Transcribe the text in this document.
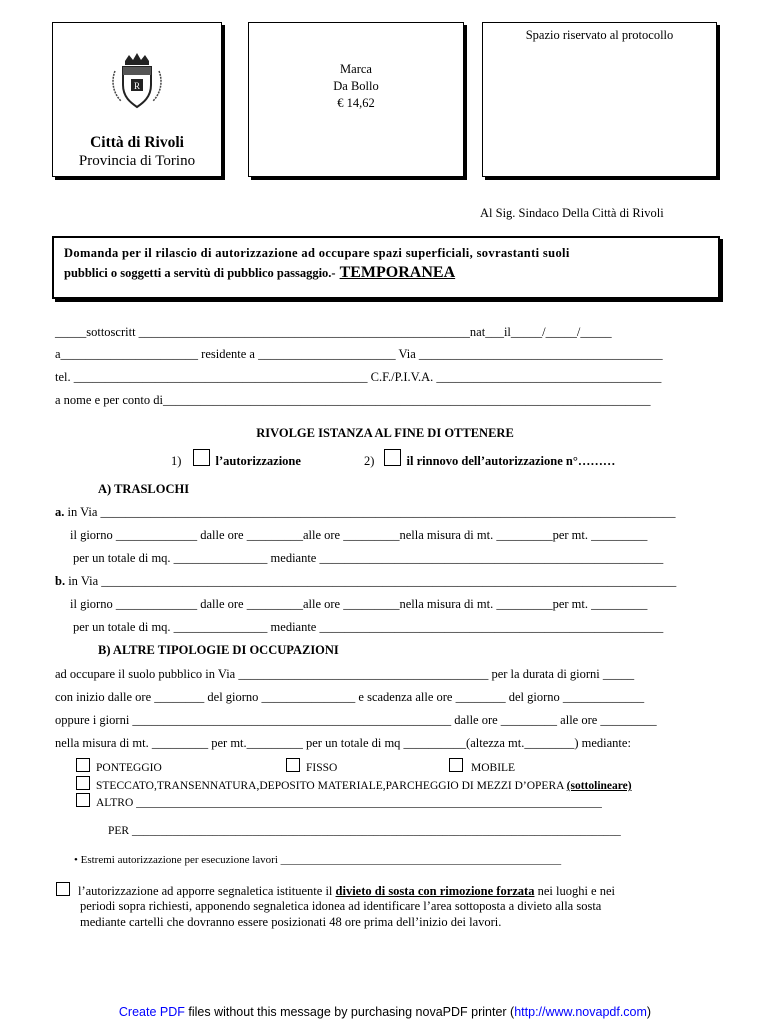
R
Città di Rivoli
Provincia di Torino
Marca
Da Bollo
€ 14,62
Spazio riservato al protocollo
Al Sig. Sindaco Della Città di Rivoli
Domanda per il rilascio di autorizzazione ad occupare spazi superficiali, sovrastanti suoli
pubblici o soggetti a servitù di pubblico passaggio.- TEMPORANEA
_____sottoscritt _____________________________________________________nat___il_____/_____/_____
a______________________ residente a ______________________ Via _______________________________________
tel. _______________________________________________ C.F./P.I.V.A. ____________________________________
a nome e per conto di______________________________________________________________________________
RIVOLGE ISTANZA AL FINE DI OTTENERE
1)	l’autorizzazione	2)	il rinnovo dell’autorizzazione n°………
A) TRASLOCHI
a. in Via ____________________________________________________________________________________________
il giorno _____________ dalle ore _________alle ore _________nella misura di mt. _________per mt. _________
per un totale di mq. _______________ mediante _______________________________________________________
b. in Via ____________________________________________________________________________________________
il giorno _____________ dalle ore _________alle ore _________nella misura di mt. _________per mt. _________
per un totale di mq. _______________ mediante _______________________________________________________
B) ALTRE TIPOLOGIE DI OCCUPAZIONI
ad occupare il suolo pubblico in Via ________________________________________ per la durata di giorni _____
con inizio dalle ore ________ del giorno _______________ e scadenza alle ore ________ del giorno _____________
oppure i giorni ___________________________________________________ dalle ore _________ alle ore _________
nella misura di mt. _________ per mt._________ per un totale di mq __________(altezza mt.________) mediante:
PONTEGGIO	FISSO	MOBILE
STECCATO,TRANSENNATURA,DEPOSITO MATERIALE,PARCHEGGIO DI MEZZI D’OPERA (sottolineare)
ALTRO _________________________________________________________________________________
PER _____________________________________________________________________________________
• Estremi autorizzazione per esecuzione lavori ___________________________________________________
l’autorizzazione ad apporre segnaletica istituente il divieto di sosta con rimozione forzata nei luoghi e nei
periodi sopra richiesti, apponendo segnaletica idonea ad identificare l’area sottoposta a divieto alla sosta
mediante cartelli che dovranno essere posizionati 48 ore prima dell’inizio dei lavori.
Create PDF files without this message by purchasing novaPDF printer (http://www.novapdf.com)
